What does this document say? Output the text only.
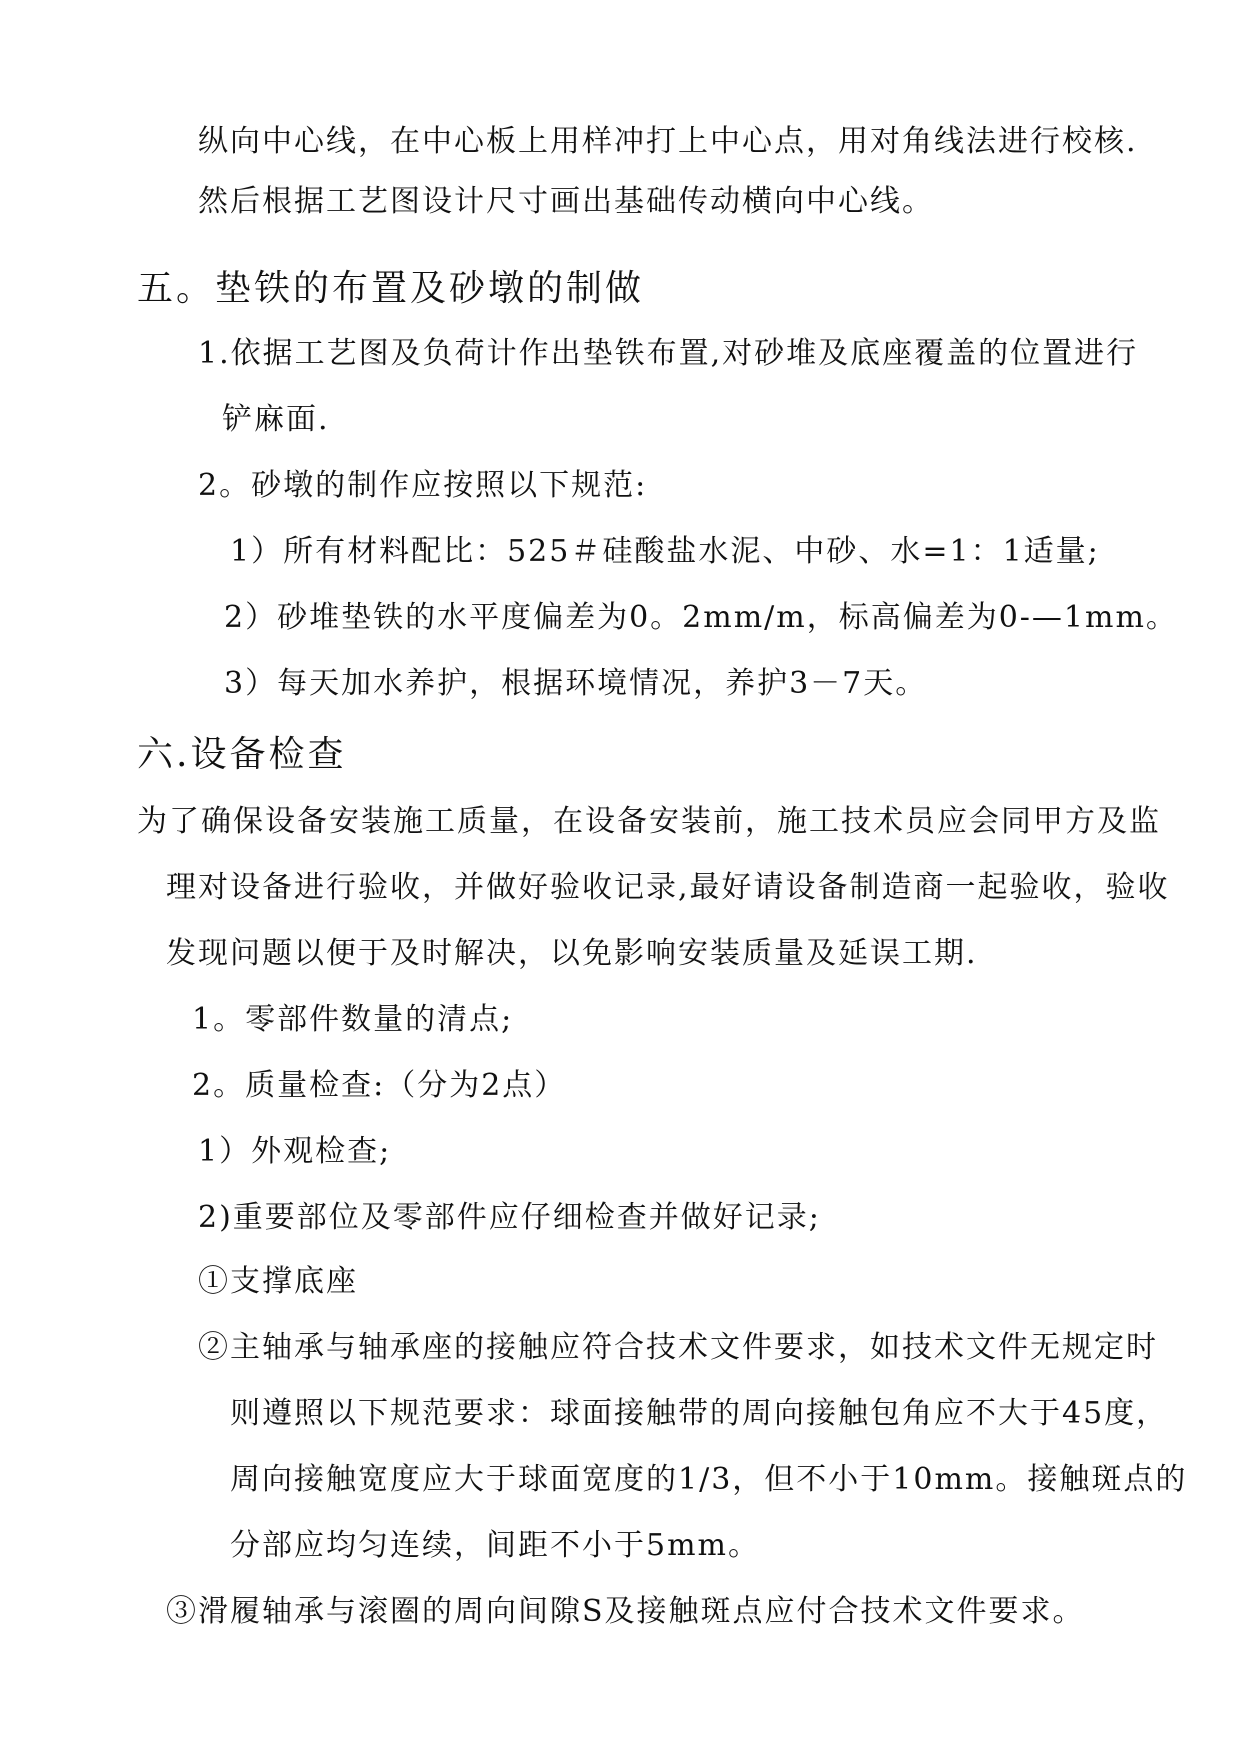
纵向中心线，在中心板上用样冲打上中心点，用对角线法进行校核.
然后根据工艺图设计尺寸画出基础传动横向中心线。
五。垫铁的布置及砂墩的制做
1.依据工艺图及负荷计作出垫铁布置,对砂堆及底座覆盖的位置进行
铲麻面.
2。砂墩的制作应按照以下规范:
1）所有材料配比：525＃硅酸盐水泥、中砂、水=1：1适量;
2）砂堆垫铁的水平度偏差为0。2mm/m，标高偏差为0-—1mm。
3）每天加水养护，根据环境情况，养护3－7天。
六.设备检查
为了确保设备安装施工质量，在设备安装前，施工技术员应会同甲方及监
理对设备进行验收，并做好验收记录,最好请设备制造商一起验收，验收
发现问题以便于及时解决，以免影响安装质量及延误工期.
1。零部件数量的清点;
2。质量检查:（分为2点）
1）外观检查;
2)重要部位及零部件应仔细检查并做好记录;
①支撑底座
②主轴承与轴承座的接触应符合技术文件要求，如技术文件无规定时
则遵照以下规范要求：球面接触带的周向接触包角应不大于45度，
周向接触宽度应大于球面宽度的1/3，但不小于10mm。接触斑点的
分部应均匀连续，间距不小于5mm。
③滑履轴承与滚圈的周向间隙S及接触斑点应付合技术文件要求。
